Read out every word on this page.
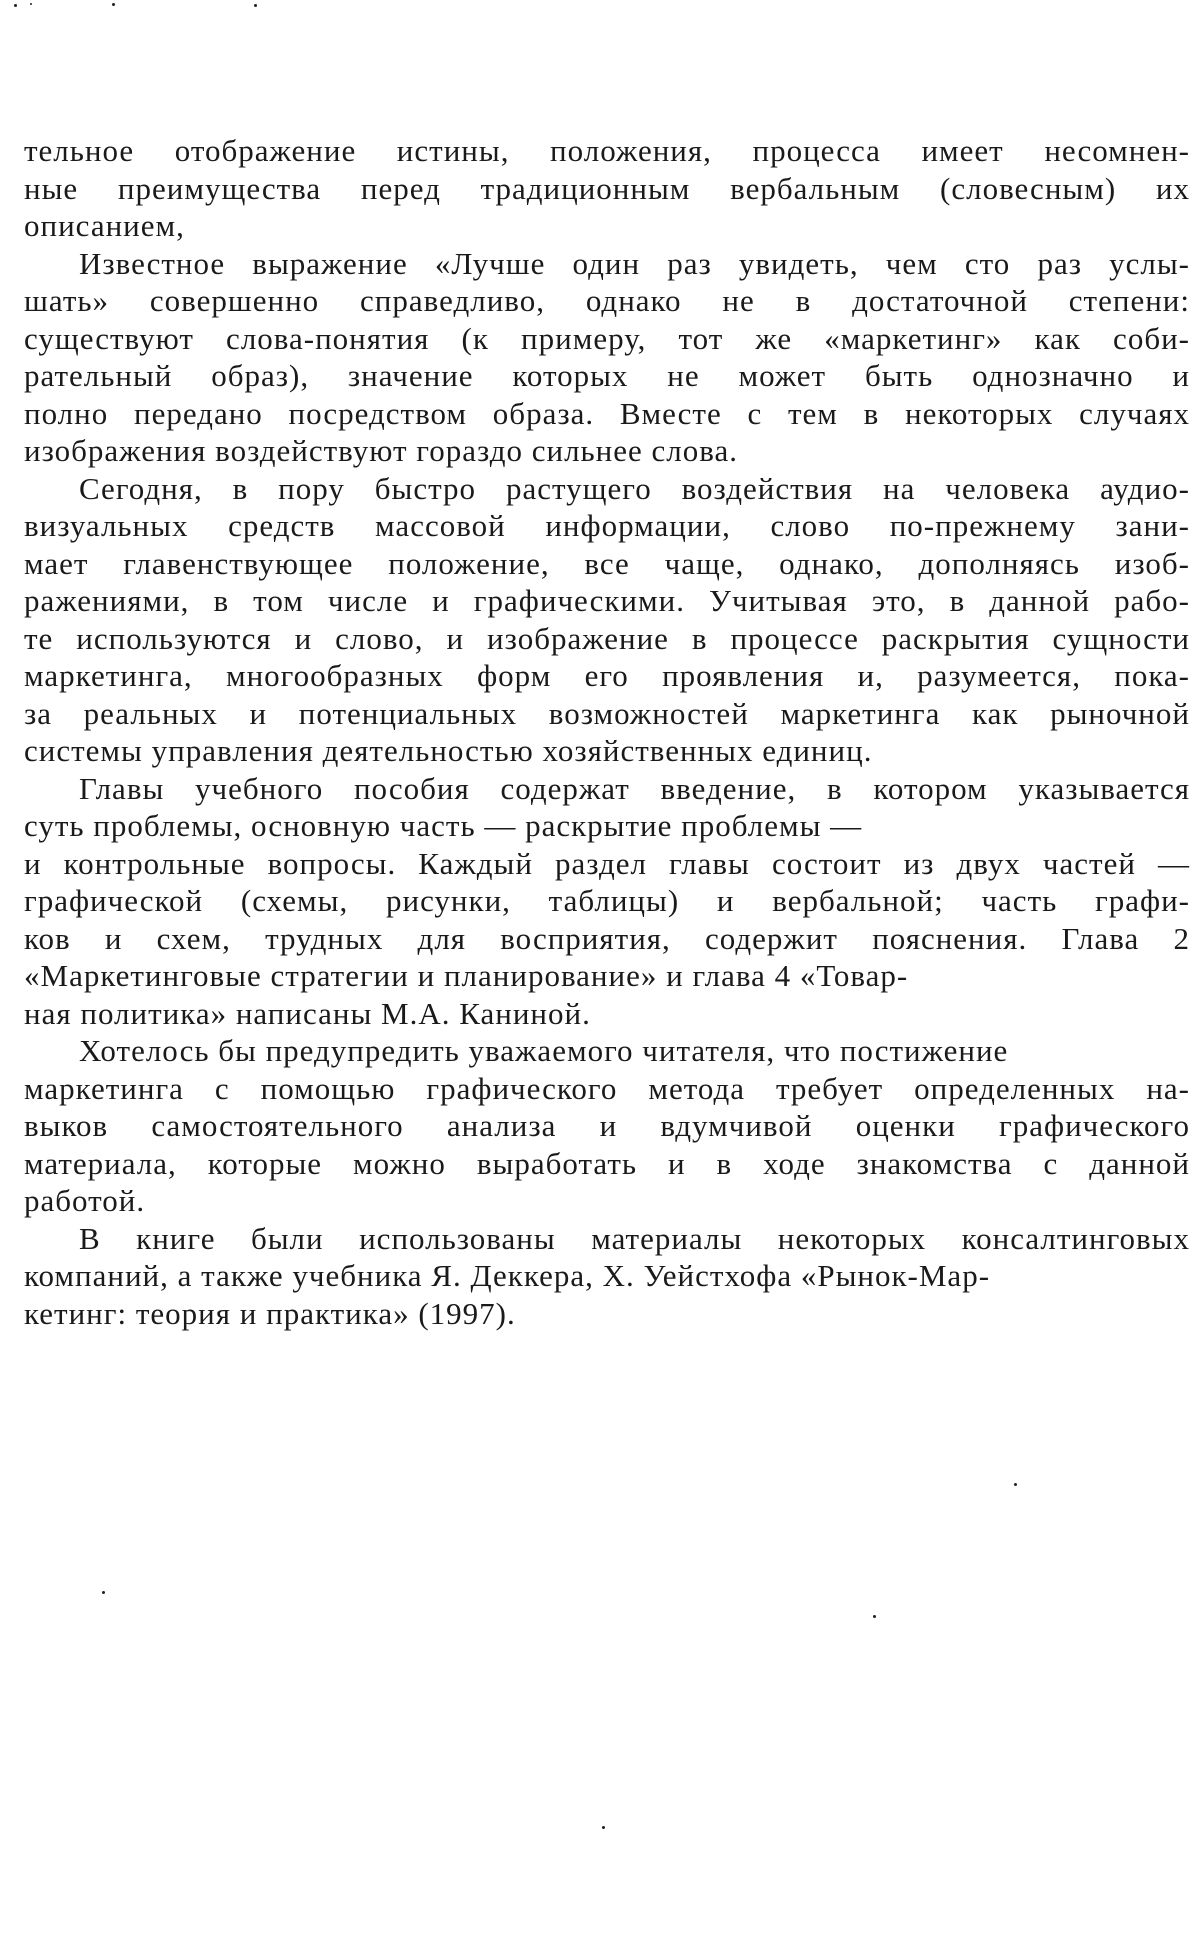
тельное отображение истины, положения, процесса имеет несомнен-
ные преимущества перед традиционным вербальным (словесным) их
описанием,
Известное выражение «Лучше один раз увидеть, чем сто раз услы-
шать» совершенно справедливо, однако не в достаточной степени:
существуют слова-понятия (к примеру, тот же «маркетинг» как соби-
рательный образ), значение которых не может быть однозначно и
полно передано посредством образа. Вместе с тем в некоторых случаях
изображения воздействуют гораздо сильнее слова.
Сегодня, в пору быстро растущего воздействия на человека аудио-
визуальных средств массовой информации, слово по-прежнему зани-
мает главенствующее положение, все чаще, однако, дополняясь изоб-
ражениями, в том числе и графическими. Учитывая это, в данной рабо-
те используются и слово, и изображение в процессе раскрытия сущности
маркетинга, многообразных форм его проявления и, разумеется, пока-
за реальных и потенциальных возможностей маркетинга как рыночной
системы управления деятельностью хозяйственных единиц.
Главы учебного пособия содержат введение, в котором указывается
суть проблемы, основную часть — раскрытие проблемы —
и контрольные вопросы. Каждый раздел главы состоит из двух частей —
графической (схемы, рисунки, таблицы) и вербальной; часть графи-
ков и схем, трудных для восприятия, содержит пояснения. Глава 2
«Маркетинговые стратегии и планирование» и глава 4 «Товар-
ная политика» написаны М.А. Каниной.
Хотелось бы предупредить уважаемого читателя, что постижение
маркетинга с помощью графического метода требует определенных на-
выков самостоятельного анализа и вдумчивой оценки графического
материала, которые можно выработать и в ходе знакомства с данной
работой.
В книге были использованы материалы некоторых консалтинговых
компаний, а также учебника Я. Деккера, Х. Уейстхофа «Рынок-Мар-
кетинг: теория и практика» (1997).
